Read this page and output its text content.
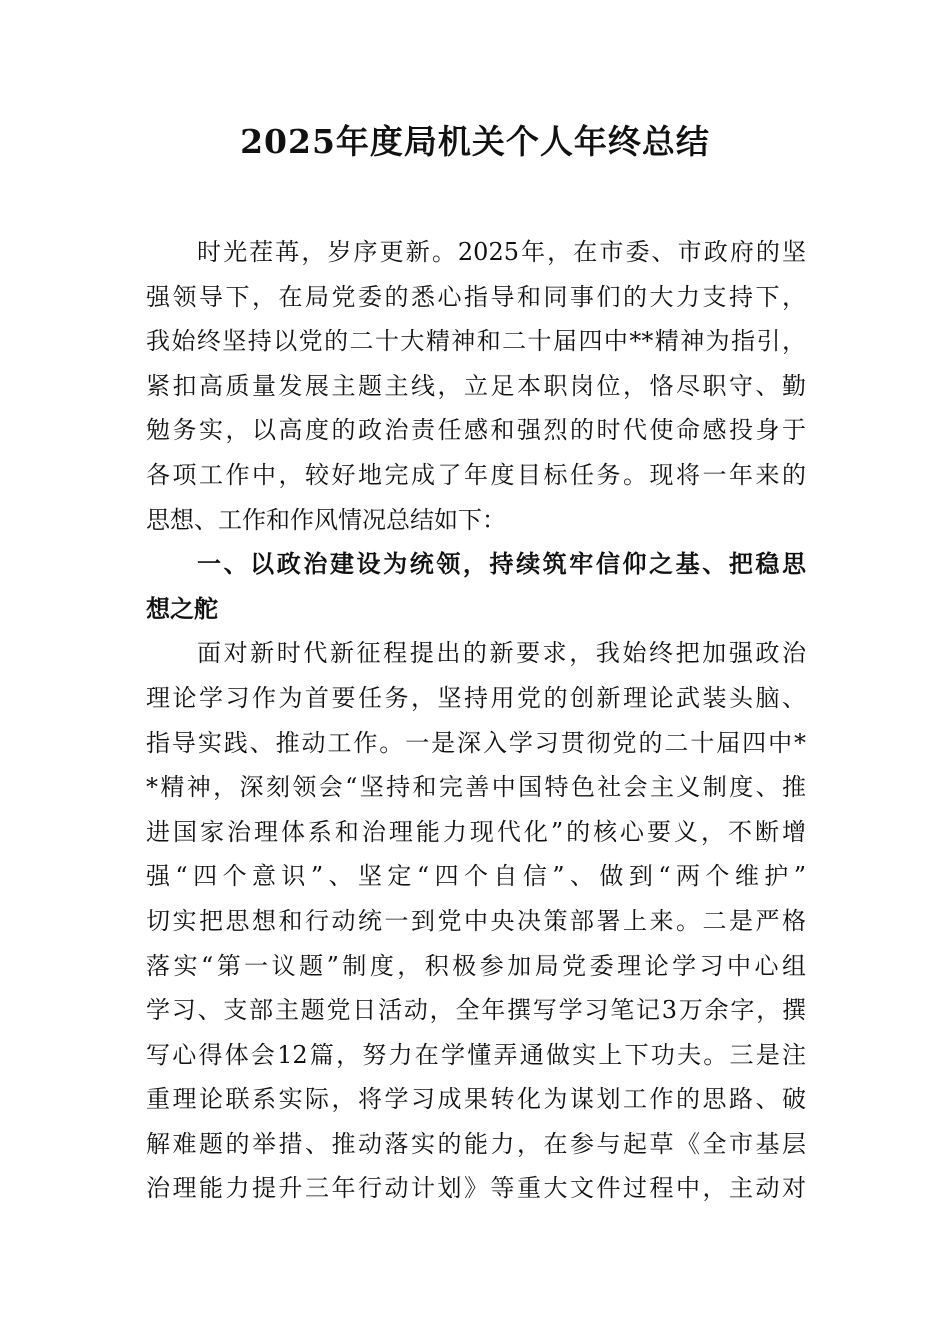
2025年度局机关个人年终总结
时光茬苒，岁序更新。2025年，在市委、市政府的坚
强领导下，在局党委的悉心指导和同事们的大力支持下，
我始终坚持以党的二十大精神和二十届四中**精神为指引，
紧扣高质量发展主题主线，立足本职岗位，恪尽职守、勤
勉务实，以高度的政治责任感和强烈的时代使命感投身于
各项工作中，较好地完成了年度目标任务。现将一年来的
思想、工作和作风情况总结如下：
一、以政治建设为统领，持续筑牢信仰之基、把稳思
想之舵
面对新时代新征程提出的新要求，我始终把加强政治
理论学习作为首要任务，坚持用党的创新理论武装头脑、
指导实践、推动工作。一是深入学习贯彻党的二十届四中*
*精神，深刻领会“坚持和完善中国特色社会主义制度、推
进国家治理体系和治理能力现代化”的核心要义，不断增
强“四个意识”、坚定“四个自信”、做到“两个维护”
切实把思想和行动统一到党中央决策部署上来。二是严格
落实“第一议题”制度，积极参加局党委理论学习中心组
学习、支部主题党日活动，全年撰写学习笔记3万余字，撰
写心得体会12篇，努力在学懂弄通做实上下功夫。三是注
重理论联系实际，将学习成果转化为谋划工作的思路、破
解难题的举措、推动落实的能力，在参与起草《全市基层
治理能力提升三年行动计划》等重大文件过程中，主动对
